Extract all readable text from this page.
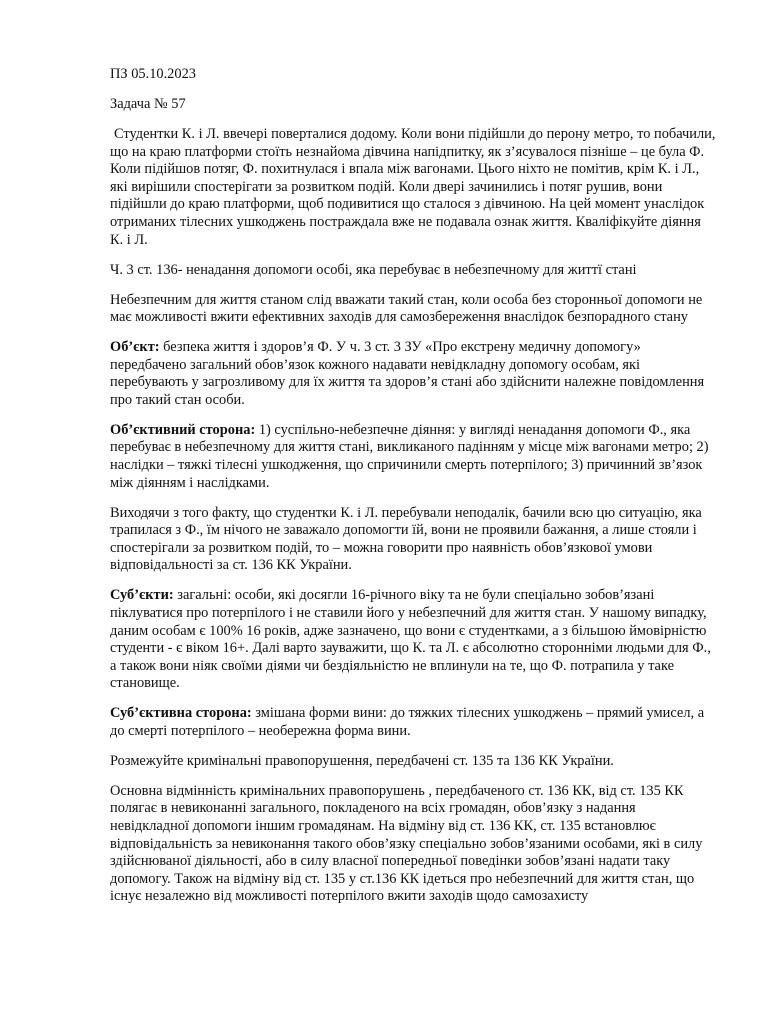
ПЗ 05.10.2023

Задача № 57

Студентки К. і Л. ввечері поверталися додому. Коли вони підійшли до перону метро, то побачили, що на краю платформи стоїть незнайома дівчина напідпитку, як з’ясувалося пізніше – це була Ф. Коли підійшов потяг, Ф. похитнулася і впала між вагонами. Цього ніхто не помітив, крім К. і Л., які вирішили спостерігати за розвитком подій. Коли двері зачинились і потяг рушив, вони підійшли до краю платформи, щоб подивитися що сталося з дівчиною. На цей момент унаслідок отриманих тілесних ушкоджень постраждала вже не подавала ознак життя. Кваліфікуйте діяння К. і Л.

Ч. 3 ст. 136- ненадання допомоги особі, яка перебуває в небезпечному для життї стані

Небезпечним для життя станом слід вважати такий стан, коли особа без сторонньої допомоги не має можливості вжити ефективних заходів для самозбереження внаслідок безпорадного стану

Об’єкт: безпека життя і здоров’я Ф. У ч. 3 ст. 3 ЗУ «Про екстрену медичну допомогу» передбачено загальний обов’язок кожного надавати невідкладну допомогу особам, які перебувають у загрозливому для їх життя та здоров’я стані або здійснити належне повідомлення про такий стан особи.

Об’єктивний сторона: 1) суспільно-небезпечне діяння: у вигляді ненадання допомоги Ф., яка перебуває в небезпечному для життя стані, викликаного падінням у місце між вагонами метро; 2) наслідки – тяжкі тілесні ушкодження, що спричинили смерть потерпілого; 3) причинний зв’язок між діянням і наслідками.

Виходячи з того факту, що студентки К. і Л. перебували неподалік, бачили всю цю ситуацію, яка трапилася з Ф., їм нічого не заважало допомогти їй, вони не проявили бажання, а лише стояли і спостерігали за розвитком подій, то – можна говорити про наявність обов’язкової умови відповідальності за ст. 136 КК України.

Суб’єкти: загальні: особи, які досягли 16-річного віку та не були спеціально зобов’язані піклуватися про потерпілого і не ставили його у небезпечний для життя стан. У нашому випадку, даним особам є 100% 16 років, адже зазначено, що вони є студентками, а з більшою ймовірністю студенти - є віком 16+. Далі варто зауважити, що К. та Л. є абсолютно сторонніми людьми для Ф., а також вони ніяк своїми діями чи бездіяльністю не вплинули на те, що Ф. потрапила у таке становище.

Суб’єктивна сторона: змішана форми вини: до тяжких тілесних ушкоджень – прямий умисел, а до смерті потерпілого – необережна форма вини.

Розмежуйте кримінальні правопорушення, передбачені ст. 135 та 136 КК України.

Основна відмінність кримінальних правопорушень , передбаченого ст. 136 КК, від ст. 135 КК полягає в невиконанні загального, покладеного на всіх громадян, обов’язку з надання невідкладної допомоги іншим громадянам. На відміну від ст. 136 КК, ст. 135 встановлює відповідальність за невиконання такого обов’язку спеціально зобов’язаними особами, які в силу здійснюваної діяльності, або в силу власної попередньої поведінки зобов’язані надати таку допомогу. Також на відміну від ст. 135 у ст.136 КК ідеться про небезпечний для життя стан, що існує незалежно від можливості потерпілого вжити заходів щодо самозахисту
